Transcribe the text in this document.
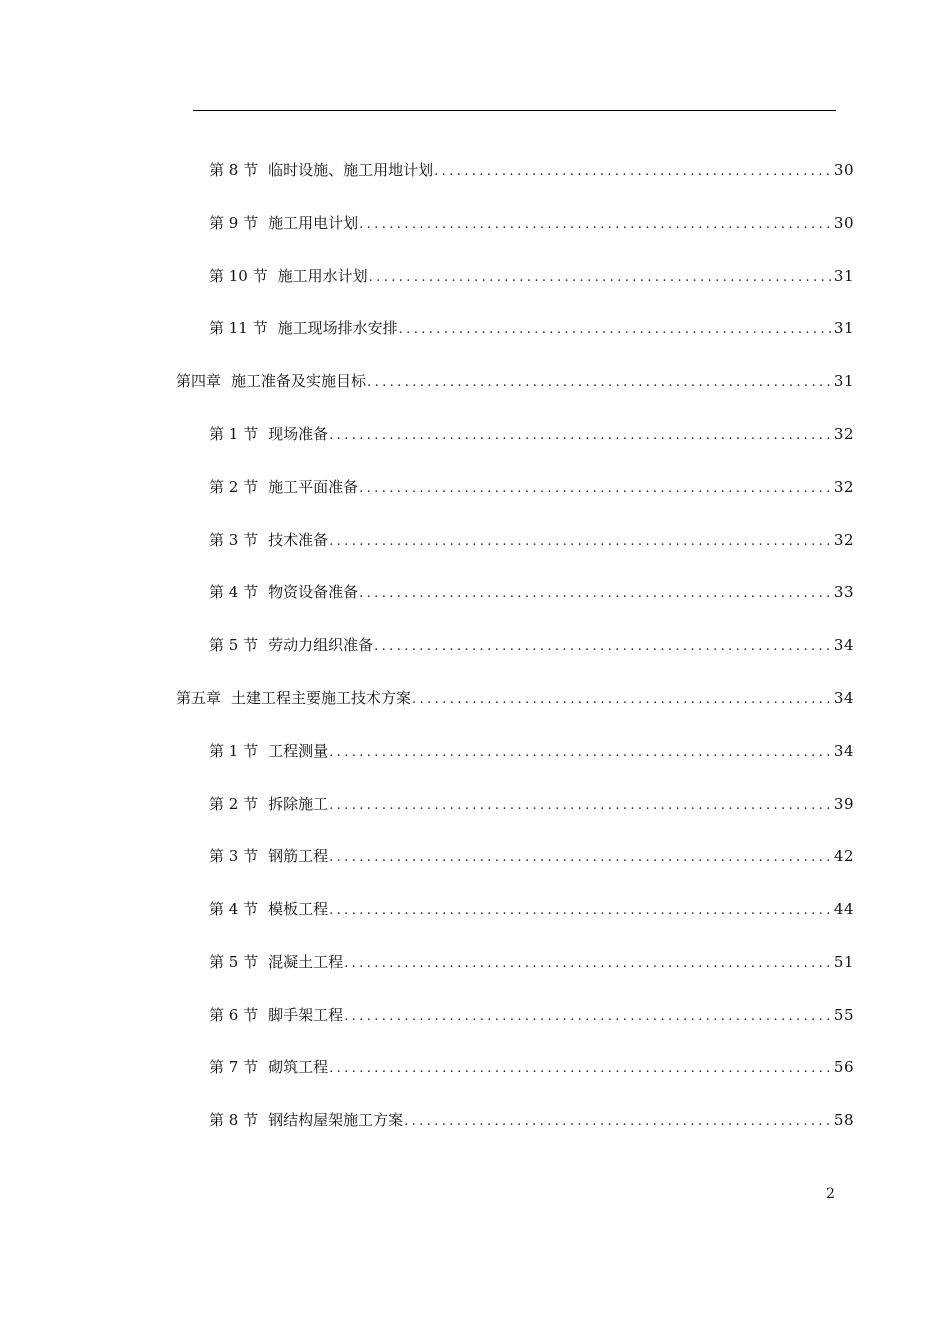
第 8 节 临时设施、施工用地计划 .....	30
第 9 节 施工用电计划 .....	30
第 10 节 施工用水计划 .....	31
第 11 节 施工现场排水安排 .....	31
第四章 施工准备及实施目标 .....	31
第 1 节 现场准备 .....	32
第 2 节 施工平面准备 .....	32
第 3 节 技术准备 .....	32
第 4 节 物资设备准备 .....	33
第 5 节 劳动力组织准备 .....	34
第五章 土建工程主要施工技术方案 .....	34
第 1 节 工程测量 .....	34
第 2 节 拆除施工 .....	39
第 3 节 钢筋工程 .....	42
第 4 节 模板工程 .....	44
第 5 节 混凝土工程 .....	51
第 6 节 脚手架工程 .....	55
第 7 节 砌筑工程 .....	56
第 8 节 钢结构屋架施工方案 .....	58
2
